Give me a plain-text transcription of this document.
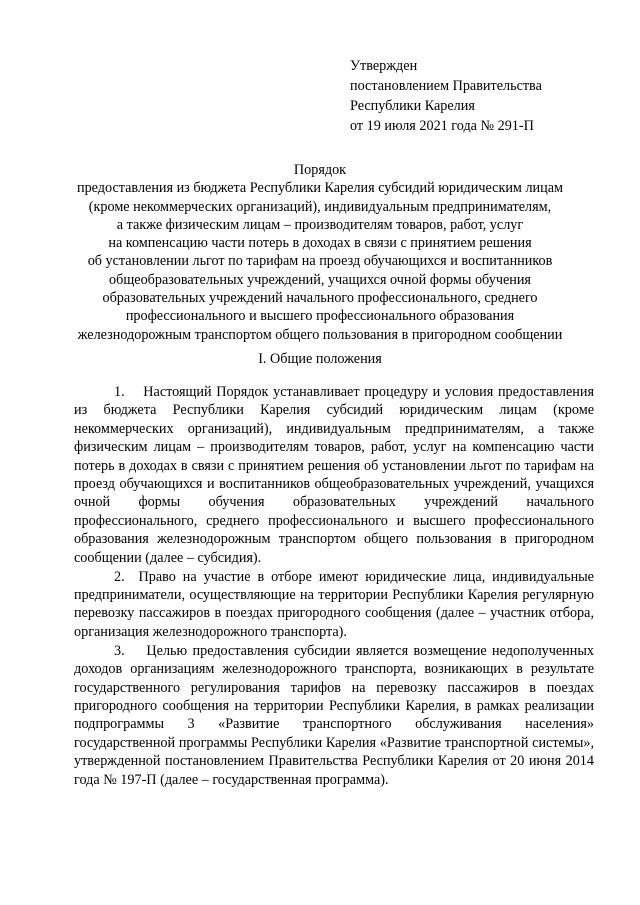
Утвержден
постановлением Правительства
Республики Карелия
от 19 июля 2021 года № 291-П
Порядок
предоставления из бюджета Республики Карелия субсидий юридическим лицам
(кроме некоммерческих организаций), индивидуальным предпринимателям,
а также физическим лицам – производителям товаров, работ, услуг
на компенсацию части потерь в доходах в связи с принятием решения
об установлении льгот по тарифам на проезд обучающихся и воспитанников
общеобразовательных учреждений, учащихся очной формы обучения
образовательных учреждений начального профессионального, среднего
профессионального и высшего профессионального образования
железнодорожным транспортом общего пользования в пригородном сообщении
I. Общие положения

1.    Настоящий Порядок устанавливает процедуру и условия предоставления из бюджета Республики Карелия субсидий юридическим лицам (кроме некоммерческих организаций), индивидуальным предпринимателям, а также физическим лицам – производителям товаров, работ, услуг на компенсацию части потерь в доходах в связи с принятием решения об установлении льгот по тарифам на проезд обучающихся и воспитанников общеобразовательных учреждений, учащихся очной формы обучения образовательных учреждений начального профессионального, среднего профессионального и высшего профессионального образования железнодорожным транспортом общего пользования в пригородном сообщении (далее – субсидия).

2.  Право на участие в отборе имеют юридические лица, индивидуальные предприниматели, осуществляющие на территории Республики Карелия регулярную перевозку пассажиров в поездах пригородного сообщения (далее – участник отбора, организация железнодорожного транспорта).

3.    Целью предоставления субсидии является возмещение недополученных доходов организациям железнодорожного транспорта, возникающих в результате государственного регулирования тарифов на перевозку пассажиров в поездах пригородного сообщения на территории Республики Карелия, в рамках реализации подпрограммы 3 «Развитие транспортного обслуживания населения» государственной программы Республики Карелия «Развитие транспортной системы», утвержденной постановлением Правительства Республики Карелия от 20 июня 2014 года № 197-П (далее – государственная программа).
